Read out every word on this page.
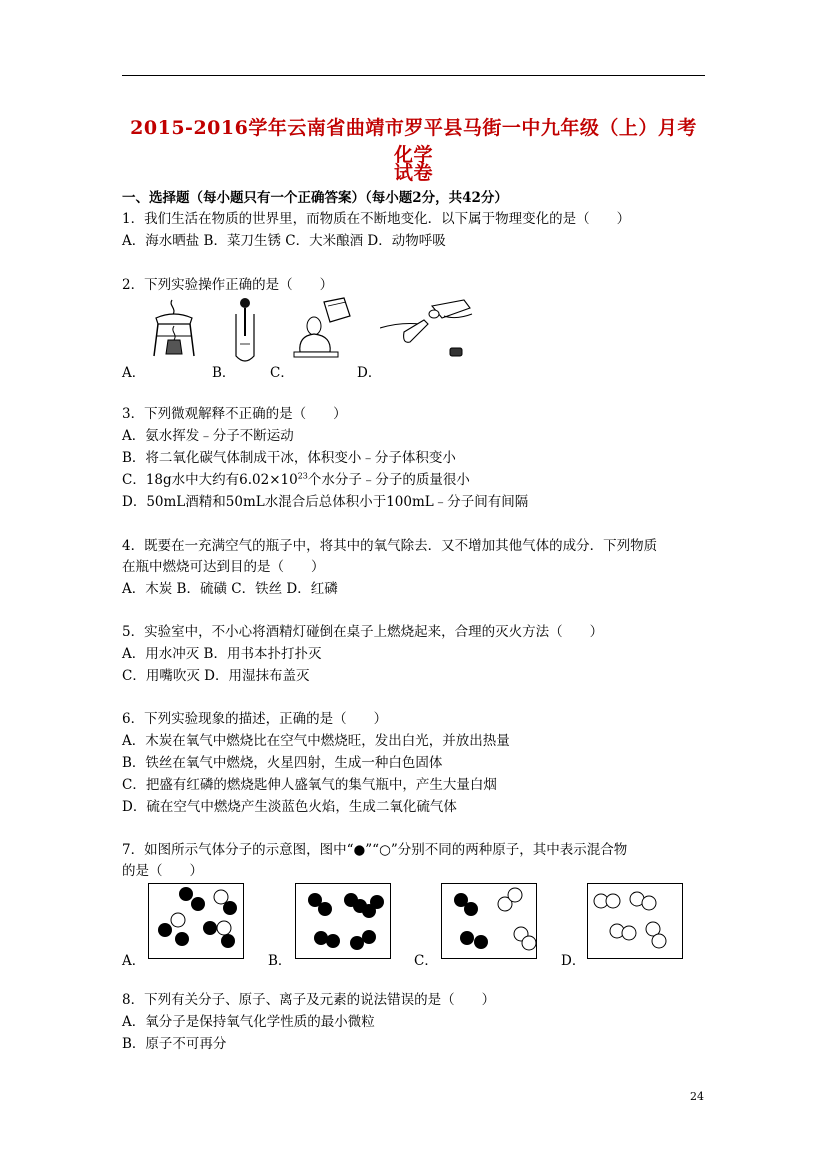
2015-2016学年云南省曲靖市罗平县马街一中九年级（上）月考化学
试卷
一、选择题（每小题只有一个正确答案）（每小题2分，共42分）
1．我们生活在物质的世界里，而物质在不断地变化．以下属于物理变化的是（　　）
A．海水晒盐 B．菜刀生锈 C．大米酿酒 D．动物呼吸
2．下列实验操作正确的是（　　）
A．	B．	C．	D．
3．下列微观解释不正确的是（　　）
A．氨水挥发﹣分子不断运动
B．将二氧化碳气体制成干冰，体积变小﹣分子体积变小
C．18g水中大约有$6.02\times 10^{23}$个水分子﹣分子的质量很小
D．50mL酒精和50mL水混合后总体积小于100mL﹣分子间有间隔
4．既要在一充满空气的瓶子中，将其中的氧气除去．又不增加其他气体的成分．下列物质
在瓶中燃烧可达到目的是（　　）
A．木炭 B．硫磺 C．铁丝 D．红磷
5．实验室中，不小心将酒精灯碰倒在桌子上燃烧起来，合理的灭火方法（　　）
A．用水冲灭 B．用书本扑打扑灭
C．用嘴吹灭 D．用湿抹布盖灭
6．下列实验现象的描述，正确的是（　　）
A．木炭在氧气中燃烧比在空气中燃烧旺，发出白光，并放出热量
B．铁丝在氧气中燃烧，火星四射，生成一种白色固体
C．把盛有红磷的燃烧匙伸人盛氧气的集气瓶中，产生大量白烟
D．硫在空气中燃烧产生淡蓝色火焰，生成二氧化硫气体
7．如图所示气体分子的示意图，图中“●”“○”分别不同的两种原子，其中表示混合物
的是（　　）
A．	B．	C．	D．
8．下列有关分子、原子、离子及元素的说法错误的是（　　）
A．氧分子是保持氧气化学性质的最小微粒
B．原子不可再分
24
